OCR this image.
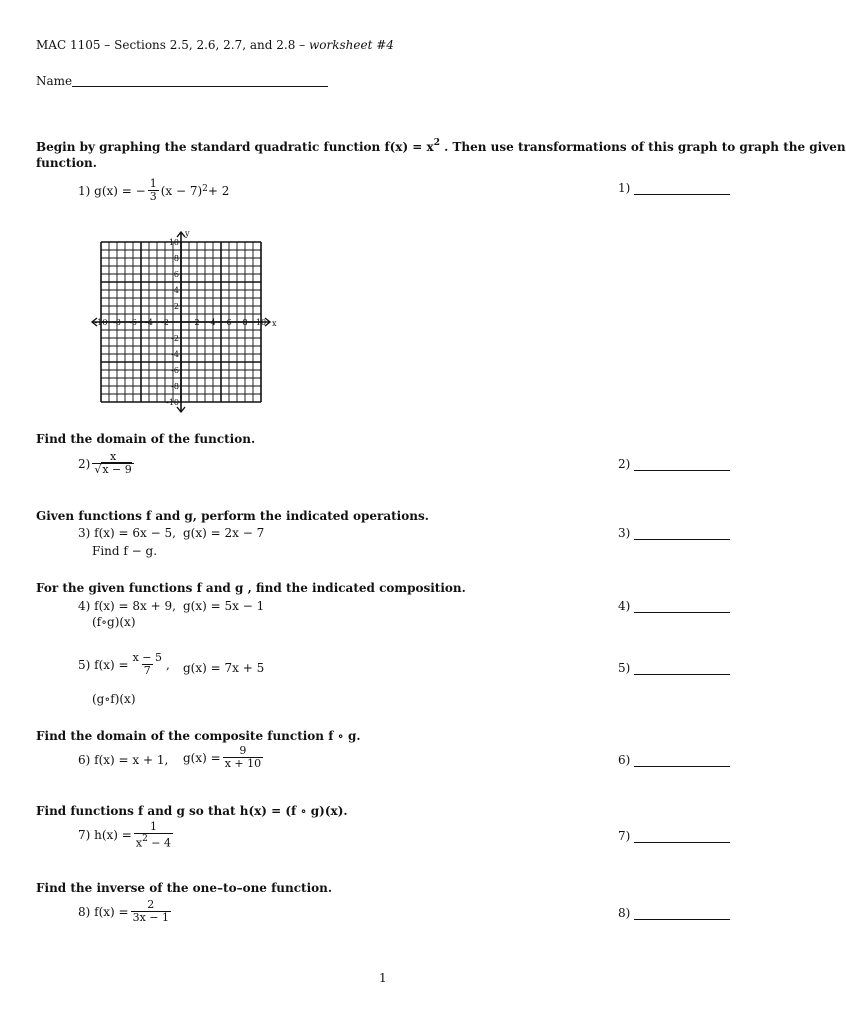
MAC 1105 – Sections 2.5, 2.6, 2.7, and 2.8 – worksheet #4
Name
Begin by graphing the standard quadratic function $f(x) = x^2$ . Then use transformations of this graph to graph the given
function.
1) g(x) = − $\frac{1}{3} (x - 7)^2 + 2$	1)
-10 -8 -6 -4 -2	2 4 6 8 10
10
8
6
4
2
-2
-4
-6
-8
-10
x
y
Find the domain of the function.
$2) \frac{x}{√x - 9}$	2)
Given functions f and g, perform the indicated operations.
3) f(x) = 6x − 5, g(x) = 2x − 7
Find f − g.
3)
For the given functions f and g , find the indicated composition.
4) f(x) = 8x + 9, g(x) = 5x − 1
(f∘g)(x)
4)
5) $f(x) = \frac{x - 5}{7}$ , g(x) = 7x + 5
(g∘f)(x)
5)
Find the domain of the composite function f ∘ g.
6) f(x) = x + 1, $g(x) = \frac{9}{x + 10}$	6)
Find functions f and g so that h(x) = (f ∘ g)(x).
7) $h(x) = \frac{1}{x^2 - 4}$	7)
Find the inverse of the one–to–one function.
8) $f(x) = \frac{2}{3x - 1}$	8)
1
